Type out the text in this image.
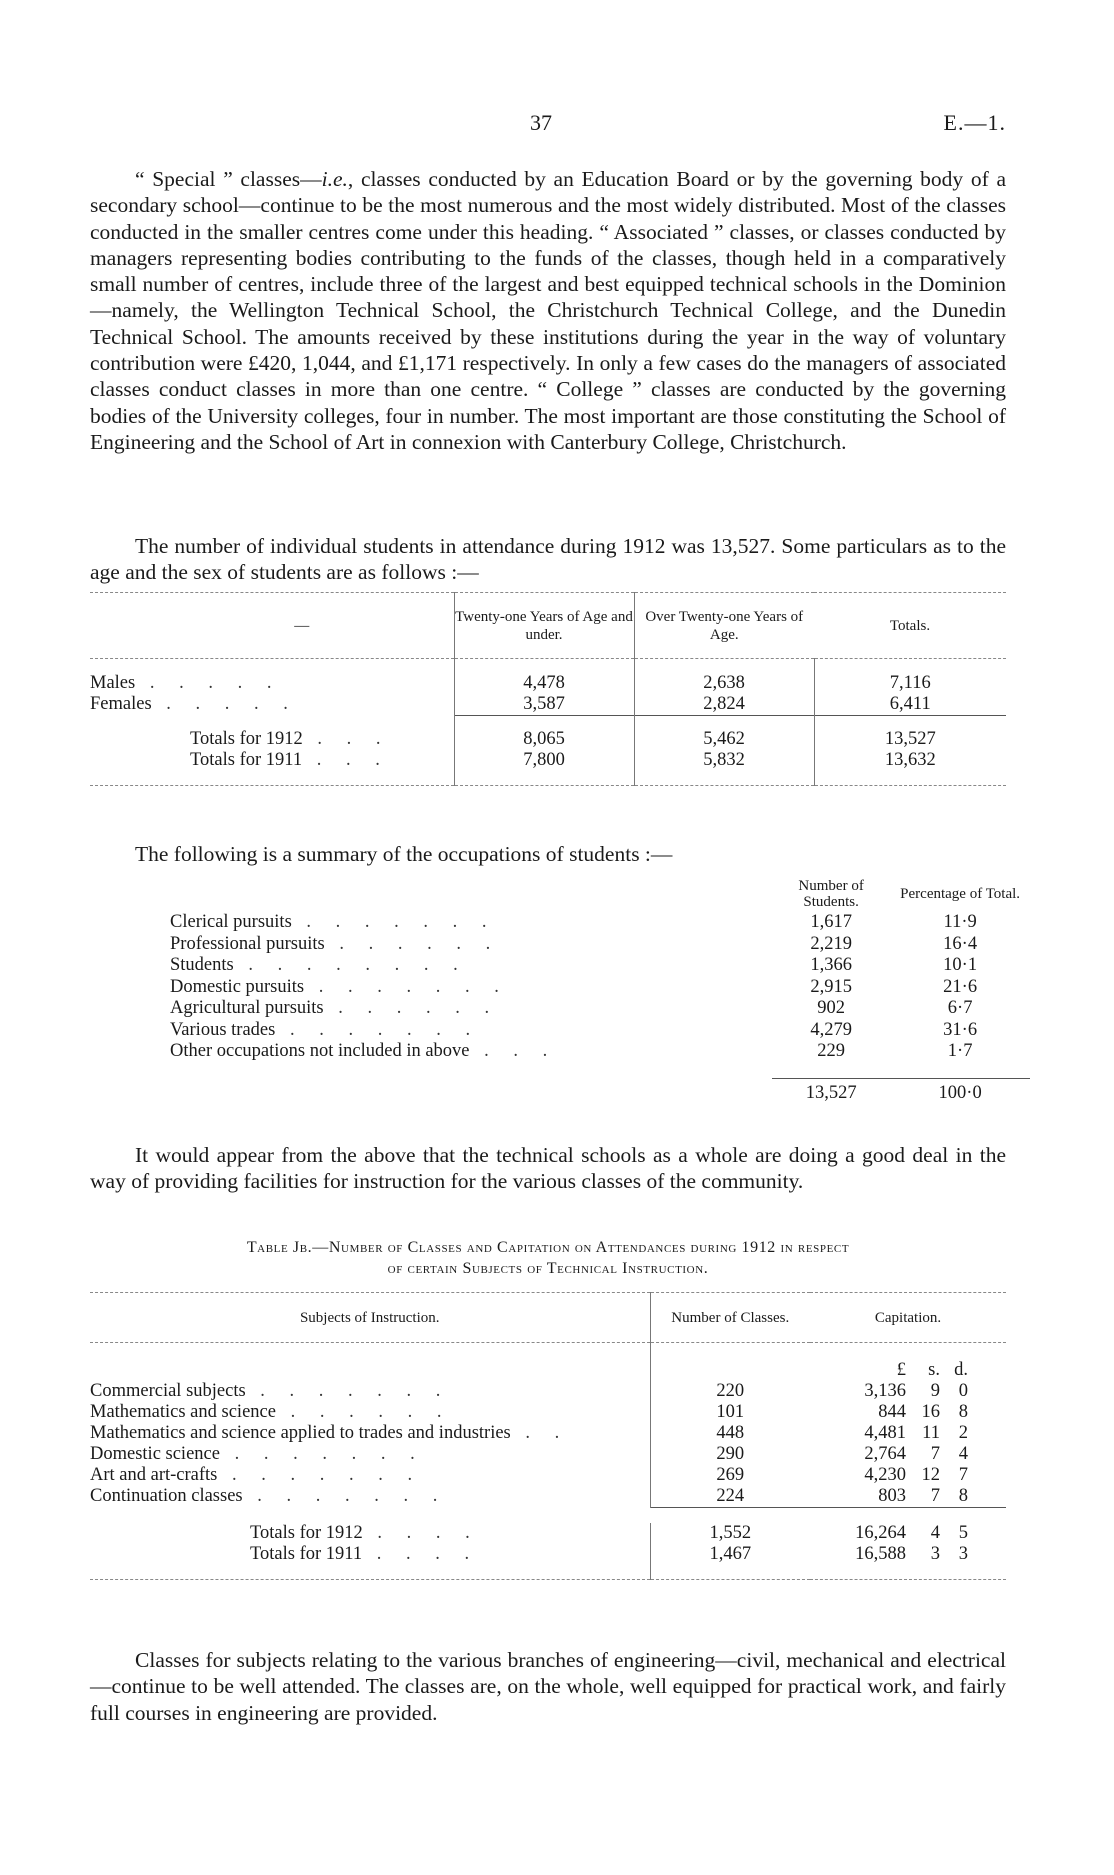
37	E.—1.

“ Special ” classes—i.e., classes conducted by an Education Board or by the governing body of a secondary school—continue to be the most numerous and the most widely distributed. Most of the classes conducted in the smaller centres come under this heading. “ Associated ” classes, or classes conducted by managers representing bodies contributing to the funds of the classes, though held in a comparatively small number of centres, include three of the largest and best equipped technical schools in the Dominion—namely, the Wellington Technical School, the Christchurch Technical College, and the Dunedin Technical School. The amounts received by these institutions during the year in the way of voluntary contribution were £420, 1,044, and £1,171 respectively. In only a few cases do the managers of associated classes conduct classes in more than one centre. “ College ” classes are conducted by the governing bodies of the University colleges, four in number. The most important are those constituting the School of Engineering and the School of Art in connexion with Canterbury College, Christchurch.

The number of individual students in attendance during 1912 was 13,527. Some particulars as to the age and the sex of students are as follows :—

—	Twenty-one Years of Age and under.	Over Twenty-one Years of Age.	Totals.

Males . . . . .	4,478	2,638	7,116
Females . . . . .	3,587	2,824	6,411

Totals for 1912 . . .	8,065	5,462	13,527
Totals for 1911 . . .	7,800	5,832	13,632

The following is a summary of the occupations of students :—

	Number of Students.	Percentage of Total.
Clerical pursuits . . . . . . .	1,617	11·9
Professional pursuits . . . . . .	2,219	16·4
Students . . . . . . . .	1,366	10·1
Domestic pursuits . . . . . . .	2,915	21·6
Agricultural pursuits . . . . . .	902	6·7
Various trades . . . . . . .	4,279	31·6
Other occupations not included in above . . .	229	1·7

	13,527	100·0

It would appear from the above that the technical schools as a whole are doing a good deal in the way of providing facilities for instruction for the various classes of the community.

Table Jb.—Number of Classes and Capitation on Attendances during 1912 in respect
of certain Subjects of Technical Instruction.
Subjects of Instruction.	Number of Classes.	Capitation.
		£ s. d.
Commercial subjects . . . . . . .	220	3,136 9 0
Mathematics and science . . . . . .	101	844 16 8
Mathematics and science applied to trades and industries . .	448	4,481 11 2
Domestic science . . . . . . .	290	2,764 7 4
Art and art-crafts . . . . . . .	269	4,230 12 7
Continuation classes . . . . . . .	224	803 7 8

Totals for 1912 . . . .	1,552	16,264 4 5
Totals for 1911 . . . .	1,467	16,588 3 3

Classes for subjects relating to the various branches of engineering—civil, mechanical and electrical—continue to be well attended. The classes are, on the whole, well equipped for practical work, and fairly full courses in engineering are provided.
